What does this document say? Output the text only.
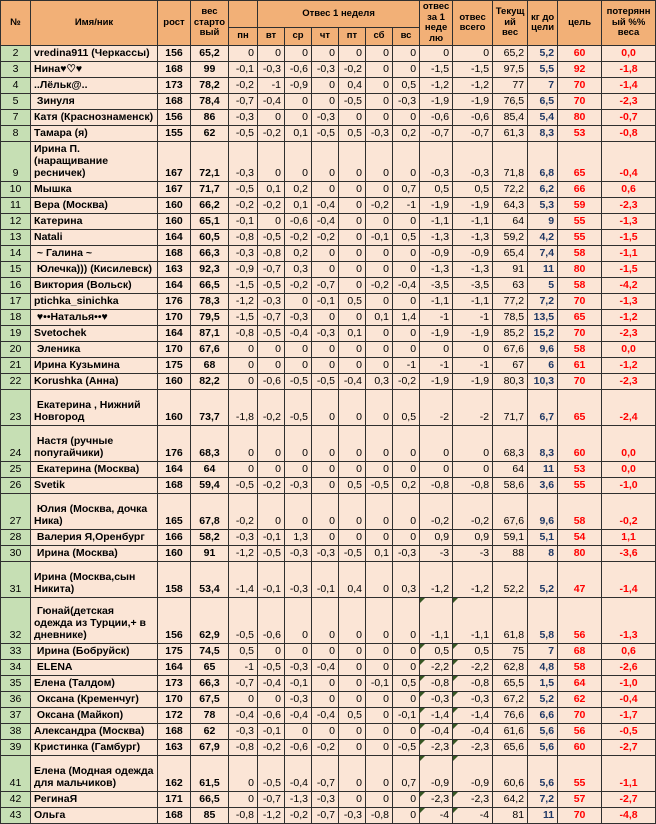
№	Имя/ник	рост	вес стартовый		Отвес 1 неделя						отвес за 1 неделю	отвес всего	Текущий вес	кг до цели	цель	потерянный %% веса
				пн	вт	ср	чт	пт	сб	вс						
2	vredina911 (Черкассы)	156	65,2	0	0	0	0	0	0	0	0	0	65,2	5,2	60	0,0
3	Нина♥♡♥	168	99	-0,1	-0,3	-0,6	-0,3	-0,2	0	0	-1,5	-1,5	97,5	5,5	92	-1,8
4	..Лёльк@..	173	78,2	-0,2	-1	-0,9	0	0,4	0	0,5	-1,2	-1,2	77	7	70	-1,4
5	Зинуля	168	78,4	-0,7	-0,4	0	0	-0,5	0	-0,3	-1,9	-1,9	76,5	6,5	70	-2,3
7	Катя (Краснознаменск)	156	86	-0,3	0	0	-0,3	0	0	0	-0,6	-0,6	85,4	5,4	80	-0,7
8	Тамара (я)	155	62	-0,5	-0,2	0,1	-0,5	0,5	-0,3	0,2	-0,7	-0,7	61,3	8,3	53	-0,8
9	Ирина П. (наращивание ресничек)	167	72,1	-0,3	0	0	0	0	0	0	-0,3	-0,3	71,8	6,8	65	-0,4
10	Мышка	167	71,7	-0,5	0,1	0,2	0	0	0	0,7	0,5	0,5	72,2	6,2	66	0,6
11	Вера (Москва)	160	66,2	-0,2	-0,2	0,1	-0,4	0	-0,2	-1	-1,9	-1,9	64,3	5,3	59	-2,3
12	Катерина	160	65,1	-0,1	0	-0,6	-0,4	0	0	0	-1,1	-1,1	64	9	55	-1,3
13	Natali	164	60,5	-0,8	-0,5	-0,2	-0,2	0	-0,1	0,5	-1,3	-1,3	59,2	4,2	55	-1,5
14	~ Галина ~	168	66,3	-0,3	-0,8	0,2	0	0	0	0	-0,9	-0,9	65,4	7,4	58	-1,1
15	Юлечка))) (Кисилевск)	163	92,3	-0,9	-0,7	0,3	0	0	0	0	-1,3	-1,3	91	11	80	-1,5
16	Виктория (Вольск)	164	66,5	-1,5	-0,5	-0,2	-0,7	0	-0,2	-0,4	-3,5	-3,5	63	5	58	-4,2
17	ptichka_sinichka	176	78,3	-1,2	-0,3	0	-0,1	0,5	0	0	-1,1	-1,1	77,2	7,2	70	-1,3
18	♥••Наталья••♥	170	79,5	-1,5	-0,7	-0,3	0	0	0,1	1,4	-1	-1	78,5	13,5	65	-1,2
19	Svetochek	164	87,1	-0,8	-0,5	-0,4	-0,3	0,1	0	0	-1,9	-1,9	85,2	15,2	70	-2,3
20	Эленика	170	67,6	0	0	0	0	0	0	0	0	0	67,6	9,6	58	0,0
21	Ирина Кузьмина	175	68	0	0	0	0	0	0	-1	-1	-1	67	6	61	-1,2
22	Korushka (Анна)	160	82,2	0	-0,6	-0,5	-0,5	-0,4	0,3	-0,2	-1,9	-1,9	80,3	10,3	70	-2,3
23	Екатерина , Нижний Новгород	160	73,7	-1,8	-0,2	-0,5	0	0	0	0,5	-2	-2	71,7	6,7	65	-2,4
24	Настя (ручные попугайчики)	176	68,3	0	0	0	0	0	0	0	0	0	68,3	8,3	60	0,0
25	Екатерина (Москва)	164	64	0	0	0	0	0	0	0	0	0	64	11	53	0,0
26	Svetik	168	59,4	-0,5	-0,2	-0,3	0	0,5	-0,5	0,2	-0,8	-0,8	58,6	3,6	55	-1,0
27	Юлия (Москва, дочка Ника)	165	67,8	-0,2	0	0	0	0	0	0	-0,2	-0,2	67,6	9,6	58	-0,2
28	Валерия Я,Оренбург	166	58,2	-0,3	-0,1	1,3	0	0	0	0	0,9	0,9	59,1	5,1	54	1,1
30	Ирина (Москва)	160	91	-1,2	-0,5	-0,3	-0,3	-0,5	0,1	-0,3	-3	-3	88	8	80	-3,6
31	Ирина (Москва,сын Никита)	158	53,4	-1,4	-0,1	-0,3	-0,1	0,4	0	0,3	-1,2	-1,2	52,2	5,2	47	-1,4
32	Гюнай(детская одежда из Турции,+ в дневнике)	156	62,9	-0,5	-0,6	0	0	0	0	0	-1,1	-1,1	61,8	5,8	56	-1,3
33	Ирина (Бобруйск)	175	74,5	0,5	0	0	0	0	0	0	0,5	0,5	75	7	68	0,6
34	ELENA	164	65	-1	-0,5	-0,3	-0,4	0	0	0	-2,2	-2,2	62,8	4,8	58	-2,6
35	Елена (Талдом)	173	66,3	-0,7	-0,4	-0,1	0	0	-0,1	0,5	-0,8	-0,8	65,5	1,5	64	-1,0
36	Оксана (Кременчуг)	170	67,5	0	0	-0,3	0	0	0	0	-0,3	-0,3	67,2	5,2	62	-0,4
37	Оксана (Майкоп)	172	78	-0,4	-0,6	-0,4	-0,4	0,5	0	-0,1	-1,4	-1,4	76,6	6,6	70	-1,7
38	Александра (Москва)	168	62	-0,3	-0,1	0	0	0	0	0	-0,4	-0,4	61,6	5,6	56	-0,5
39	Кристинка (Гамбург)	163	67,9	-0,8	-0,2	-0,6	-0,2	0	0	-0,5	-2,3	-2,3	65,6	5,6	60	-2,7
41	Елена (Модная одежда для мальчиков)	162	61,5	0	-0,5	-0,4	-0,7	0	0	0,7	-0,9	-0,9	60,6	5,6	55	-1,1
42	РегинаЯ	171	66,5	0	-0,7	-1,3	-0,3	0	0	0	-2,3	-2,3	64,2	7,2	57	-2,7
43	Ольга	168	85	-0,8	-1,2	-0,2	-0,7	-0,3	-0,8	0	-4	-4	81	11	70	-4,8
